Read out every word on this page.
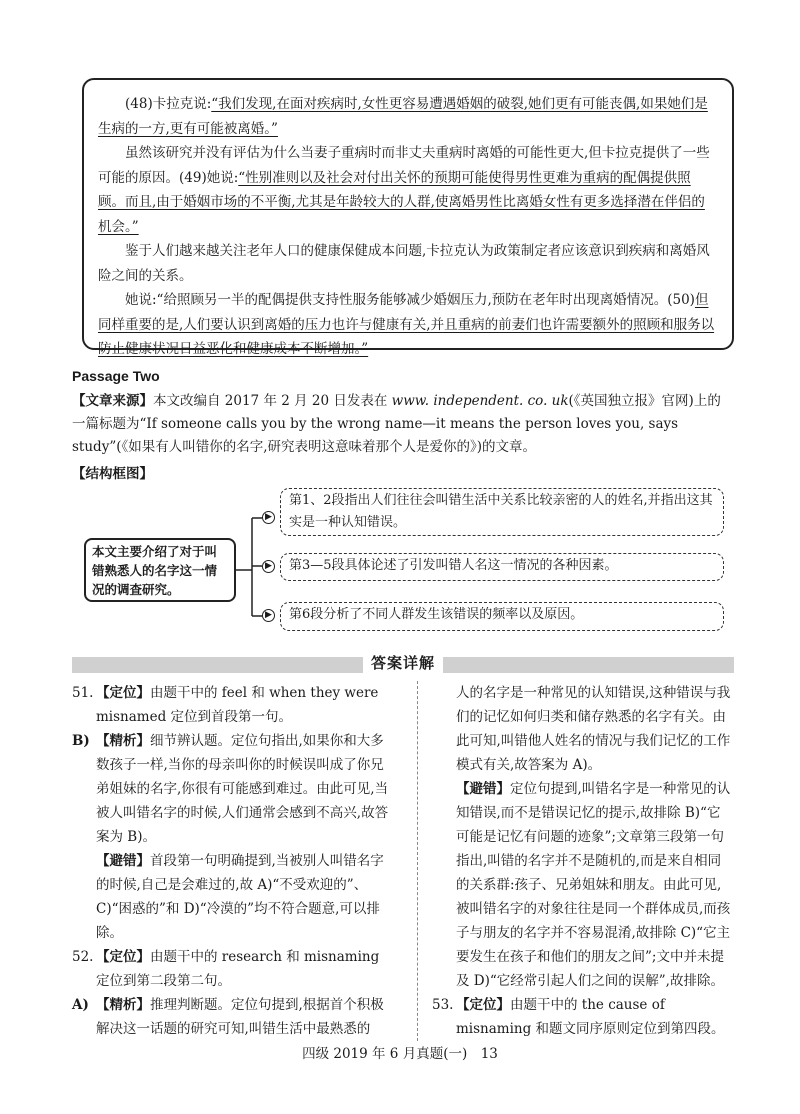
(48)卡拉克说:“我们发现,在面对疾病时,女性更容易遭遇婚姻的破裂,她们更有可能丧偶,如果她们是生病的一方,更有可能被离婚。”

虽然该研究并没有评估为什么当妻子重病时而非丈夫重病时离婚的可能性更大,但卡拉克提供了一些可能的原因。(49)她说:“性别准则以及社会对付出关怀的预期可能使得男性更难为重病的配偶提供照顾。而且,由于婚姻市场的不平衡,尤其是年龄较大的人群,使离婚男性比离婚女性有更多选择潜在伴侣的机会。”

鉴于人们越来越关注老年人口的健康保健成本问题,卡拉克认为政策制定者应该意识到疾病和离婚风险之间的关系。

她说:“给照顾另一半的配偶提供支持性服务能够减少婚姻压力,预防在老年时出现离婚情况。(50)但同样重要的是,人们要认识到离婚的压力也许与健康有关,并且重病的前妻们也许需要额外的照顾和服务以防止健康状况日益恶化和健康成本不断增加。”

Passage Two
【文章来源】本文改编自 2017 年 2 月 20 日发表在 www. independent. co. uk(《英国独立报》官网)上的一篇标题为“If someone calls you by the wrong name—it means the person loves you, says study”(《如果有人叫错你的名字,研究表明这意味着那个人是爱你的》)的文章。
【结构框图】
▶
▶
▶
本文主要介绍了对于叫错熟悉人的名字这一情况的调查研究。
第1、2段指出人们往往会叫错生活中关系比较亲密的人的姓名,并指出这其实是一种认知错误。
第3—5段具体论述了引发叫错人名这一情况的各种因素。
第6段分析了不同人群发生该错误的频率以及原因。
答案详解

51. 【定位】由题干中的 feel 和 when they were misnamed 定位到首段第一句。

B) 【精析】细节辨认题。定位句指出,如果你和大多数孩子一样,当你的母亲叫你的时候误叫成了你兄弟姐妹的名字,你很有可能感到难过。由此可见,当被人叫错名字的时候,人们通常会感到不高兴,故答案为 B)。

【避错】首段第一句明确提到,当被别人叫错名字的时候,自己是会难过的,故 A)“不受欢迎的”、C)“困惑的”和 D)“冷漠的”均不符合题意,可以排除。

52. 【定位】由题干中的 research 和 misnaming 定位到第二段第二句。

A) 【精析】推理判断题。定位句提到,根据首个积极解决这一话题的研究可知,叫错生活中最熟悉的

人的名字是一种常见的认知错误,这种错误与我们的记忆如何归类和储存熟悉的名字有关。由此可知,叫错他人姓名的情况与我们记忆的工作模式有关,故答案为 A)。

【避错】定位句提到,叫错名字是一种常见的认知错误,而不是错误记忆的提示,故排除 B)“它可能是记忆有问题的迹象”;文章第三段第一句指出,叫错的名字并不是随机的,而是来自相同的关系群:孩子、兄弟姐妹和朋友。由此可见,被叫错名字的对象往往是同一个群体成员,而孩子与朋友的名字并不容易混淆,故排除 C)“它主要发生在孩子和他们的朋友之间”;文中并未提及 D)“它经常引起人们之间的误解”,故排除。

53. 【定位】由题干中的 the cause of misnaming 和题文同序原则定位到第四段。

四级 2019 年 6 月真题(一)　13
